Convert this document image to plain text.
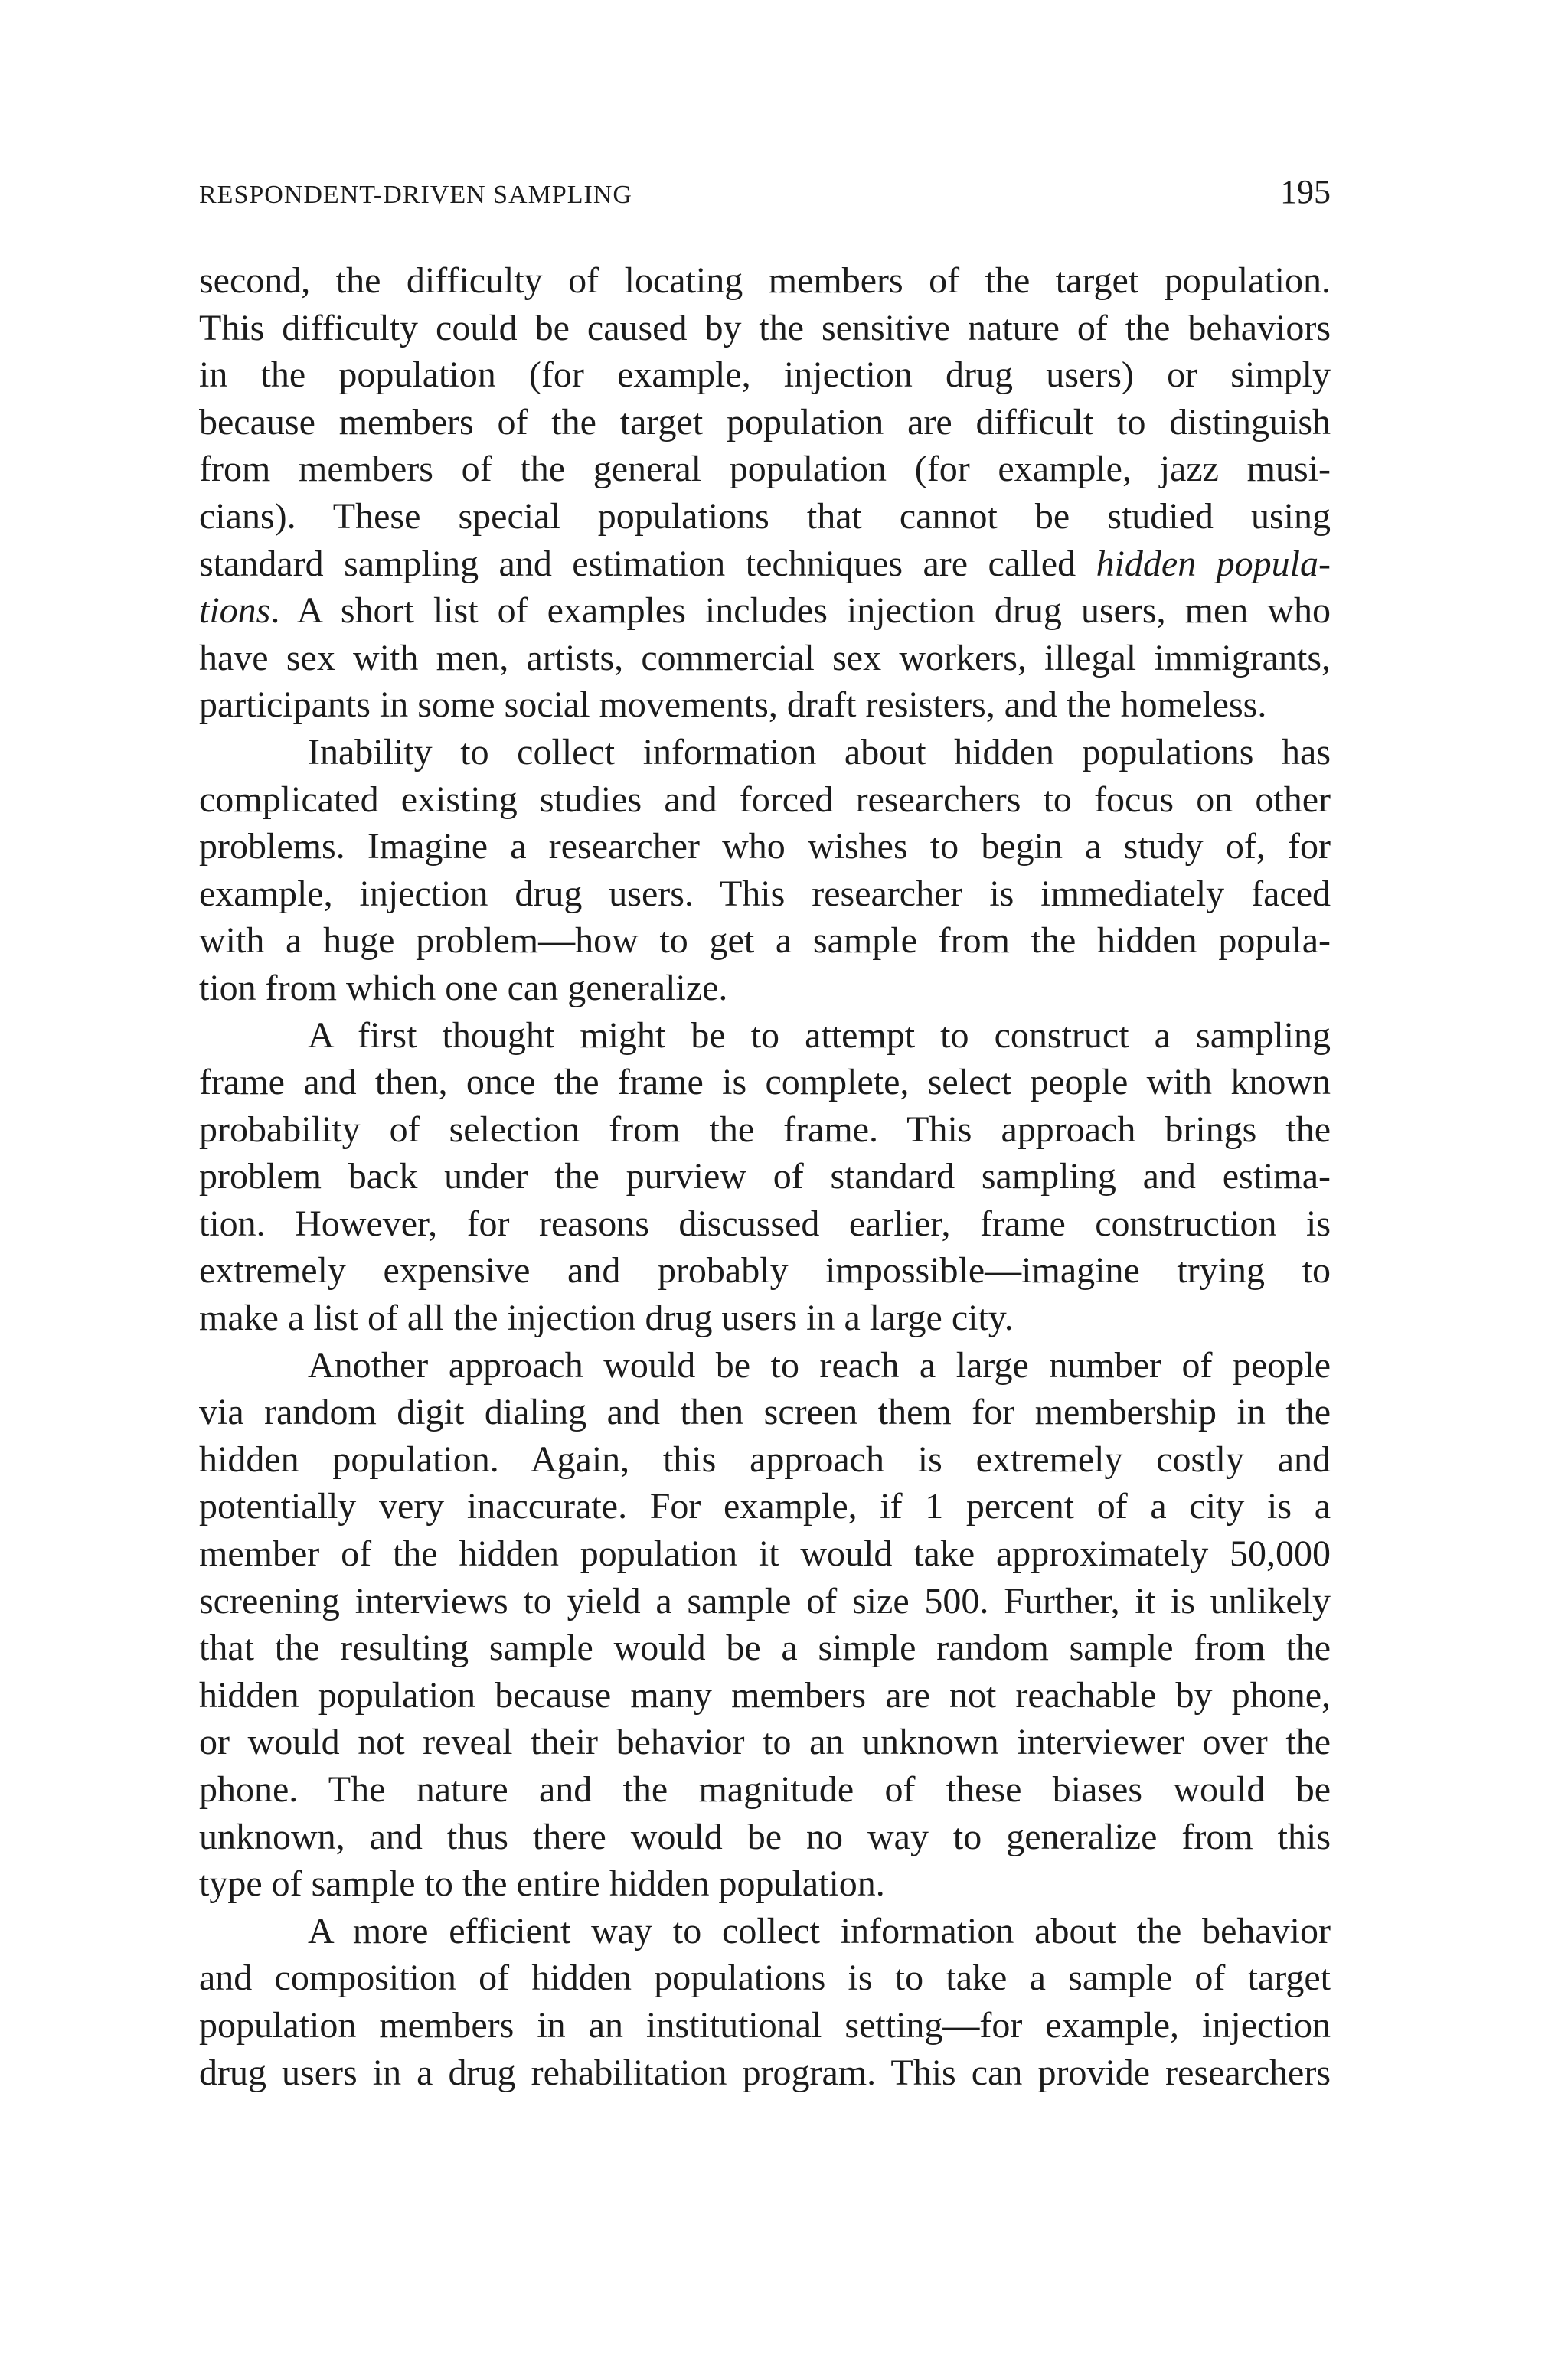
RESPONDENT-DRIVEN SAMPLING	195
second, the difficulty of locating members of the target population.
This difficulty could be caused by the sensitive nature of the behaviors
in the population (for example, injection drug users) or simply
because members of the target population are difficult to distinguish
from members of the general population (for example, jazz musi-
cians). These special populations that cannot be studied using
standard sampling and estimation techniques are called hidden popula-
tions. A short list of examples includes injection drug users, men who
have sex with men, artists, commercial sex workers, illegal immigrants,
participants in some social movements, draft resisters, and the homeless.
Inability to collect information about hidden populations has
complicated existing studies and forced researchers to focus on other
problems. Imagine a researcher who wishes to begin a study of, for
example, injection drug users. This researcher is immediately faced
with a huge problem—how to get a sample from the hidden popula-
tion from which one can generalize.
A first thought might be to attempt to construct a sampling
frame and then, once the frame is complete, select people with known
probability of selection from the frame. This approach brings the
problem back under the purview of standard sampling and estima-
tion. However, for reasons discussed earlier, frame construction is
extremely expensive and probably impossible—imagine trying to
make a list of all the injection drug users in a large city.
Another approach would be to reach a large number of people
via random digit dialing and then screen them for membership in the
hidden population. Again, this approach is extremely costly and
potentially very inaccurate. For example, if 1 percent of a city is a
member of the hidden population it would take approximately 50,000
screening interviews to yield a sample of size 500. Further, it is unlikely
that the resulting sample would be a simple random sample from the
hidden population because many members are not reachable by phone,
or would not reveal their behavior to an unknown interviewer over the
phone. The nature and the magnitude of these biases would be
unknown, and thus there would be no way to generalize from this
type of sample to the entire hidden population.
A more efficient way to collect information about the behavior
and composition of hidden populations is to take a sample of target
population members in an institutional setting—for example, injection
drug users in a drug rehabilitation program. This can provide researchers
